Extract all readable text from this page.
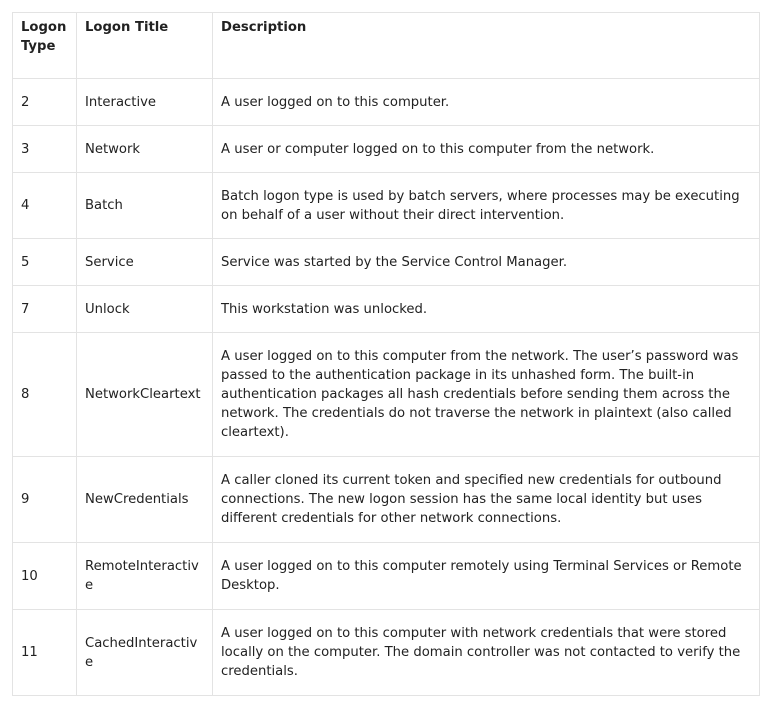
Logon Type	Logon Title	Description
2	Interactive	A user logged on to this computer.
3	Network	A user or computer logged on to this computer from the network.
4	Batch	Batch logon type is used by batch servers, where processes may be executing on behalf of a user without their direct intervention.
5	Service	Service was started by the Service Control Manager.
7	Unlock	This workstation was unlocked.
8	NetworkCleartext	A user logged on to this computer from the network. The user’s password was passed to the authentication package in its unhashed form. The built-in authentication packages all hash credentials before sending them across the network. The credentials do not traverse the network in plaintext (also called cleartext).
9	NewCredentials	A caller cloned its current token and specified new credentials for outbound connections. The new logon session has the same local identity but uses different credentials for other network connections.
10	RemoteInteractive	A user logged on to this computer remotely using Terminal Services or Remote Desktop.
11	CachedInteractive	A user logged on to this computer with network credentials that were stored locally on the computer. The domain controller was not contacted to verify the credentials.
